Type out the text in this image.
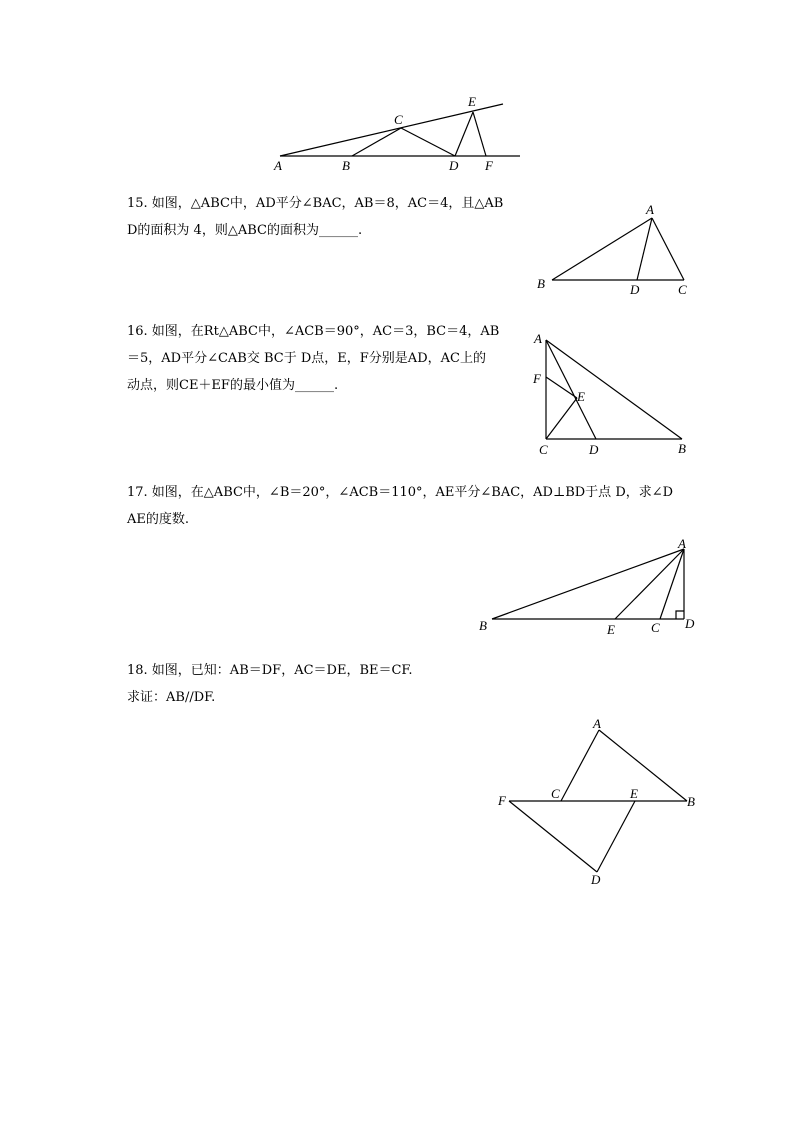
A	B
C
D
E
F
15. 如图，△ABC中，AD平分∠BAC，AB＝8，AC＝4，且△AB
D的面积为 4，则△ABC的面积为______.
A
B	D	C
16. 如图，在Rt△ABC中，∠ACB＝90°，AC＝3，BC＝4，AB
＝5，AD平分∠CAB交 BC于 D点，E，F分别是AD，AC上的
动点，则CE＋EF的最小值为______.
A
F
E
C	D	B
17. 如图，在△ABC中，∠B＝20°，∠ACB＝110°，AE平分∠BAC，AD⊥BD于点 D，求∠D
AE的度数.
A
B	E	C D
18. 如图，已知：AB＝DF，AC＝DE，BE＝CF.
求证：AB//DF.
A
F	C	E
B
D
